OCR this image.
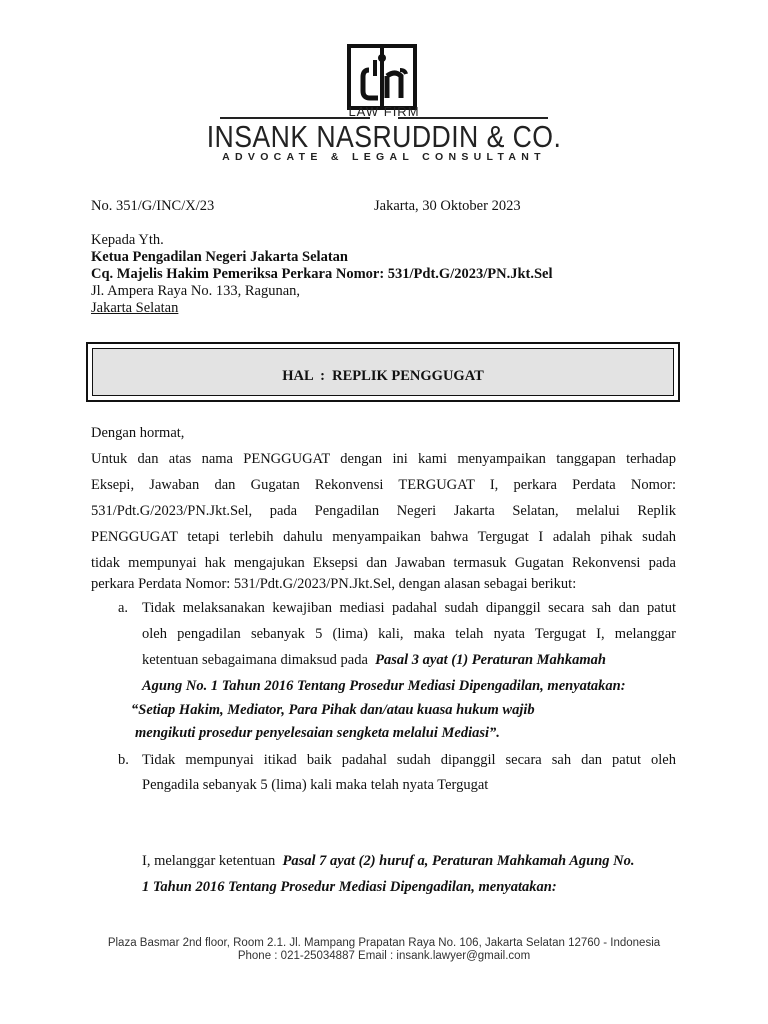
LAW FIRM
INSANK NASRUDDIN & CO.
ADVOCATE & LEGAL CONSULTANT
No. 351/G/INC/X/23	Jakarta, 30 Oktober 2023
Kepada Yth.
Ketua Pengadilan Negeri Jakarta Selatan
Cq. Majelis Hakim Pemeriksa Perkara Nomor: 531/Pdt.G/2023/PN.Jkt.Sel
Jl. Ampera Raya No. 133, Ragunan,
Jakarta Selatan
HAL  :  REPLIK PENGGUGAT
Dengan hormat,
Untuk dan atas nama PENGGUGAT dengan ini kami menyampaikan tanggapan terhadap
Eksepi, Jawaban dan Gugatan Rekonvensi TERGUGAT I, perkara Perdata Nomor:
531/Pdt.G/2023/PN.Jkt.Sel, pada Pengadilan Negeri Jakarta Selatan, melalui Replik
PENGGUGAT tetapi terlebih dahulu menyampaikan bahwa Tergugat I adalah pihak sudah
tidak mempunyai hak mengajukan Eksepsi dan Jawaban termasuk Gugatan Rekonvensi pada
perkara Perdata Nomor: 531/Pdt.G/2023/PN.Jkt.Sel, dengan alasan sebagai berikut:
a. Tidak melaksanakan kewajiban mediasi padahal sudah dipanggil secara sah dan patut
oleh pengadilan sebanyak 5 (lima) kali, maka telah nyata Tergugat I, melanggar
ketentuan sebagaimana dimaksud pada  Pasal 3 ayat (1) Peraturan Mahkamah
Agung No. 1 Tahun 2016 Tentang Prosedur Mediasi Dipengadilan, menyatakan:
“Setiap Hakim, Mediator, Para Pihak dan/atau kuasa hukum wajib
mengikuti prosedur penyelesaian sengketa melalui Mediasi”.
b. Tidak mempunyai itikad baik padahal sudah dipanggil secara sah dan patut oleh
Pengadila sebanyak 5 (lima) kali maka telah nyata Tergugat
I, melanggar ketentuan  Pasal 7 ayat (2) huruf a, Peraturan Mahkamah Agung No.
1 Tahun 2016 Tentang Prosedur Mediasi Dipengadilan, menyatakan:
Plaza Basmar 2nd floor, Room 2.1. Jl. Mampang Prapatan Raya No. 106, Jakarta Selatan 12760 - Indonesia
Phone : 021-25034887 Email : insank.lawyer@gmail.com
